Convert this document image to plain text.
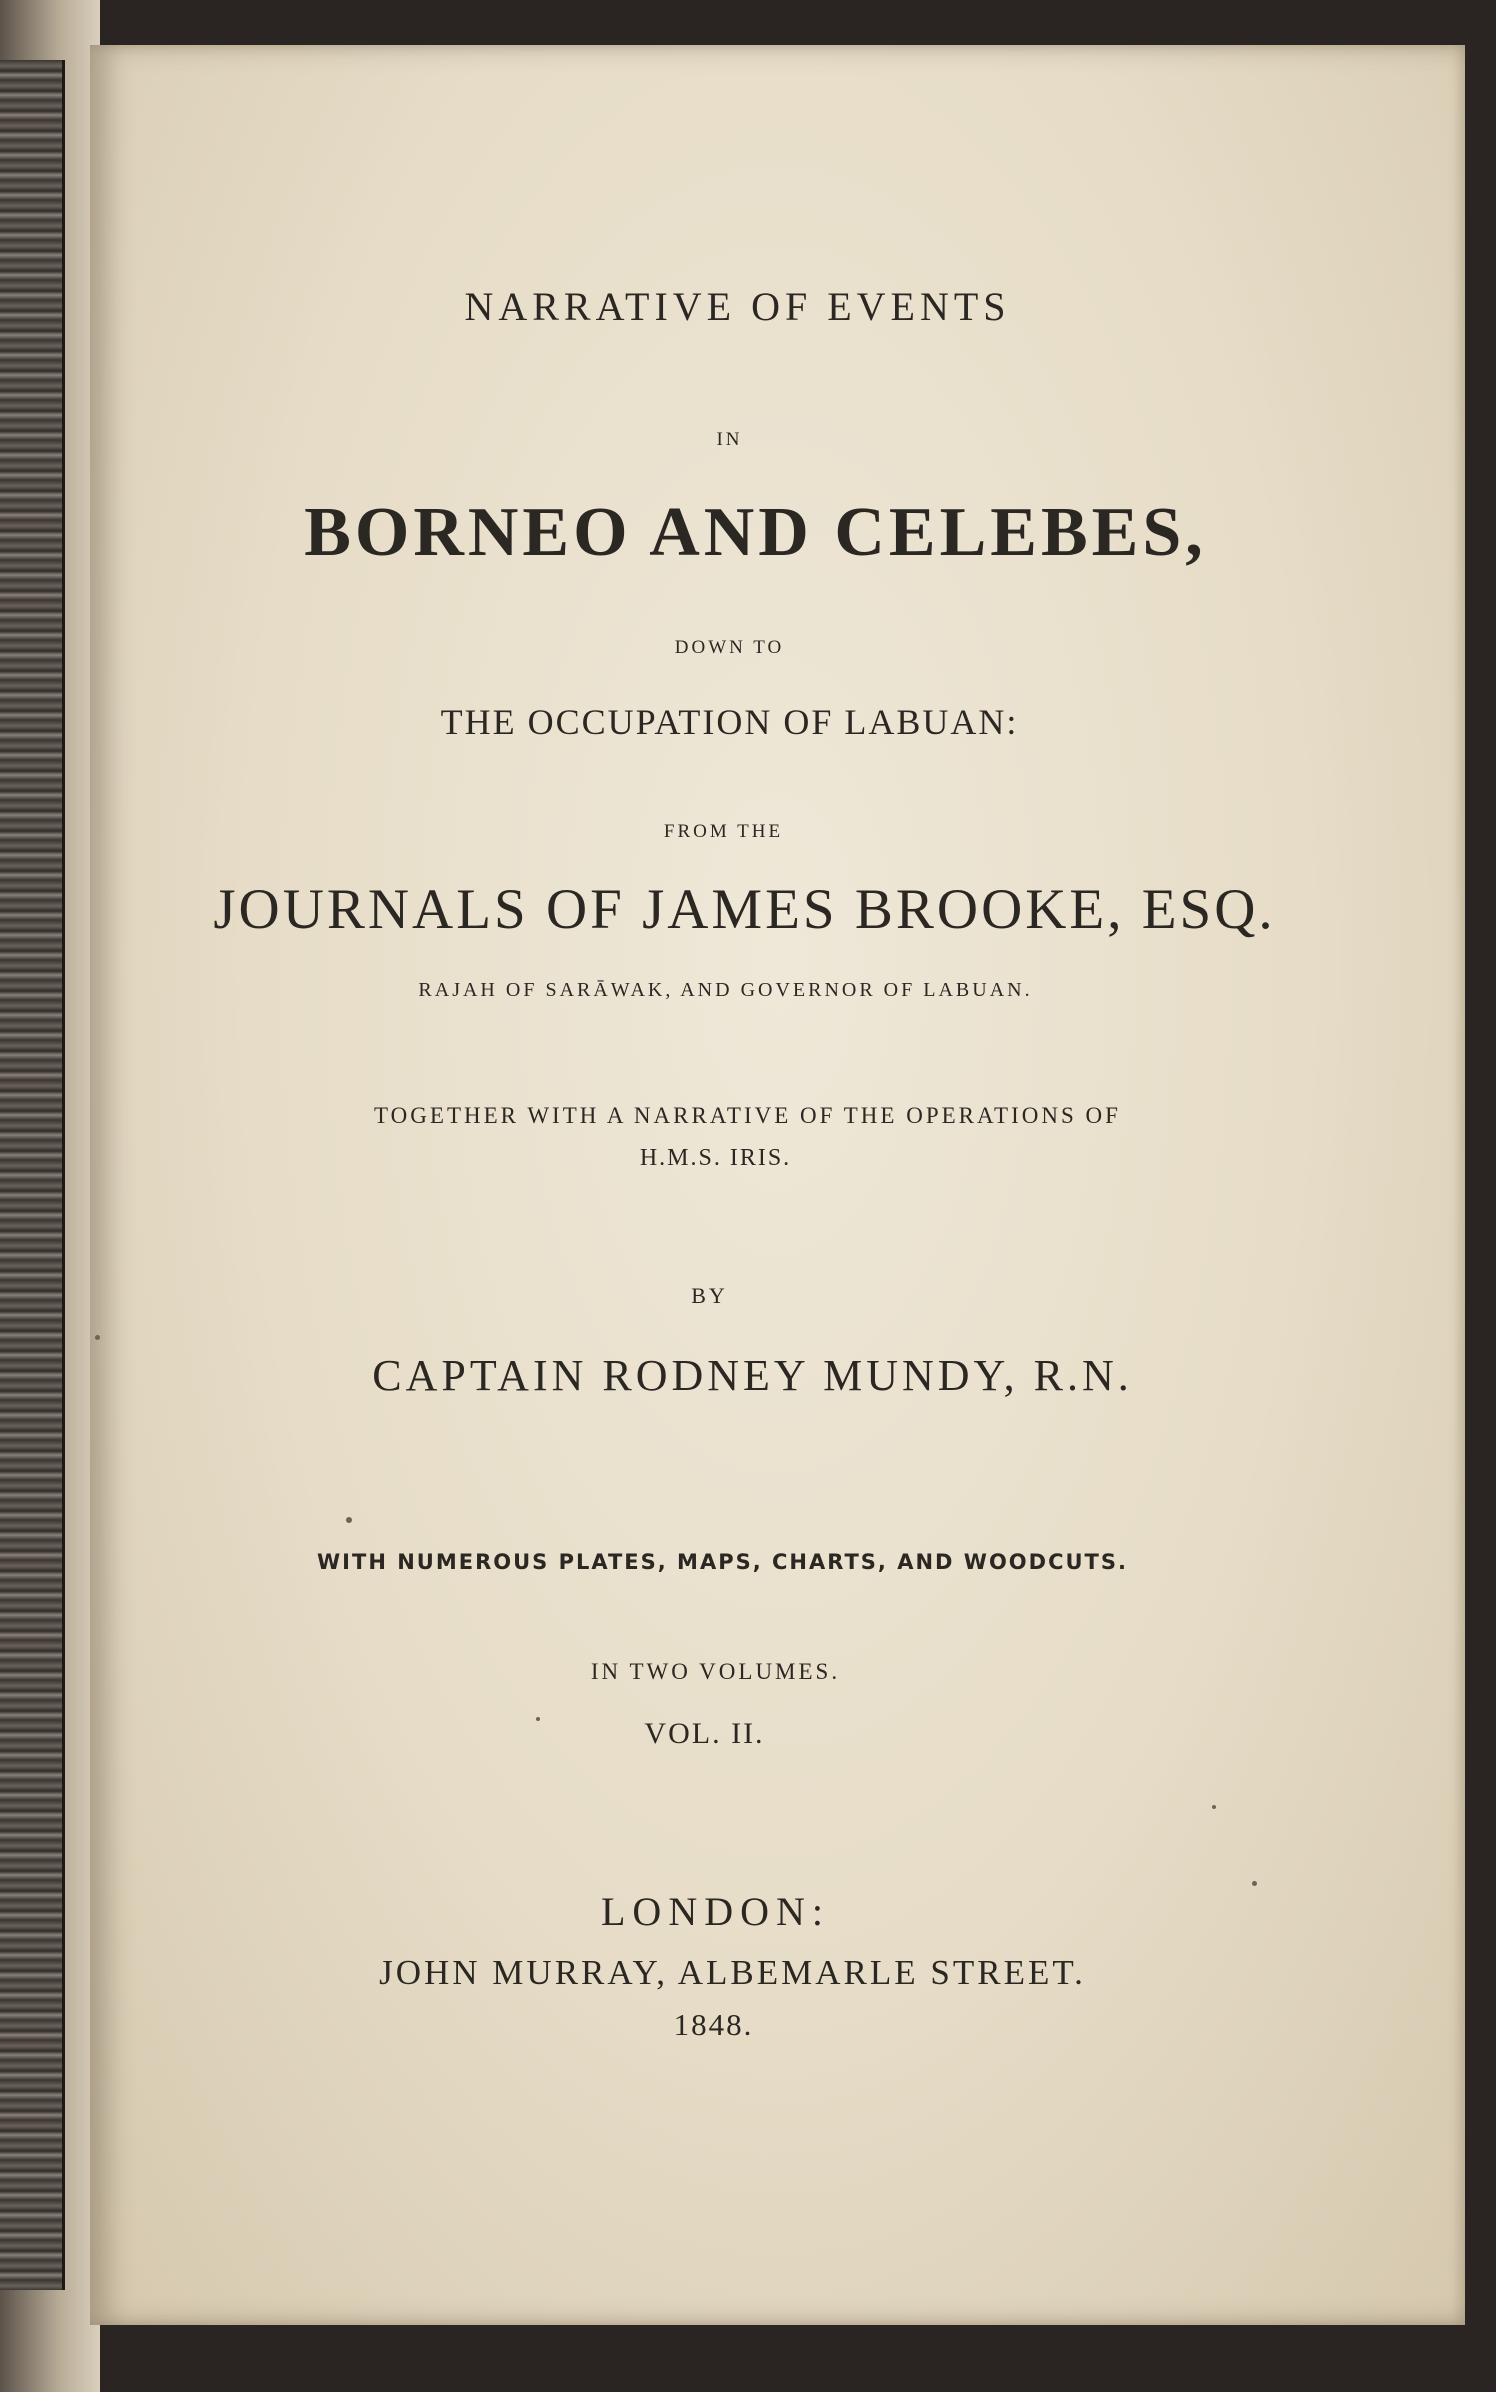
NARRATIVE OF EVENTS
IN
BORNEO AND CELEBES,
DOWN TO
THE OCCUPATION OF LABUAN:
FROM THE
JOURNALS OF JAMES BROOKE, ESQ.
RAJAH OF SARĀWAK, AND GOVERNOR OF LABUAN.
TOGETHER WITH A NARRATIVE OF THE OPERATIONS OF
H.M.S. IRIS.
BY
CAPTAIN RODNEY MUNDY, R.N.
WITH NUMEROUS PLATES, MAPS, CHARTS, AND WOODCUTS.
IN TWO VOLUMES.
VOL. II.
LONDON:
JOHN MURRAY, ALBEMARLE STREET.
1848.
